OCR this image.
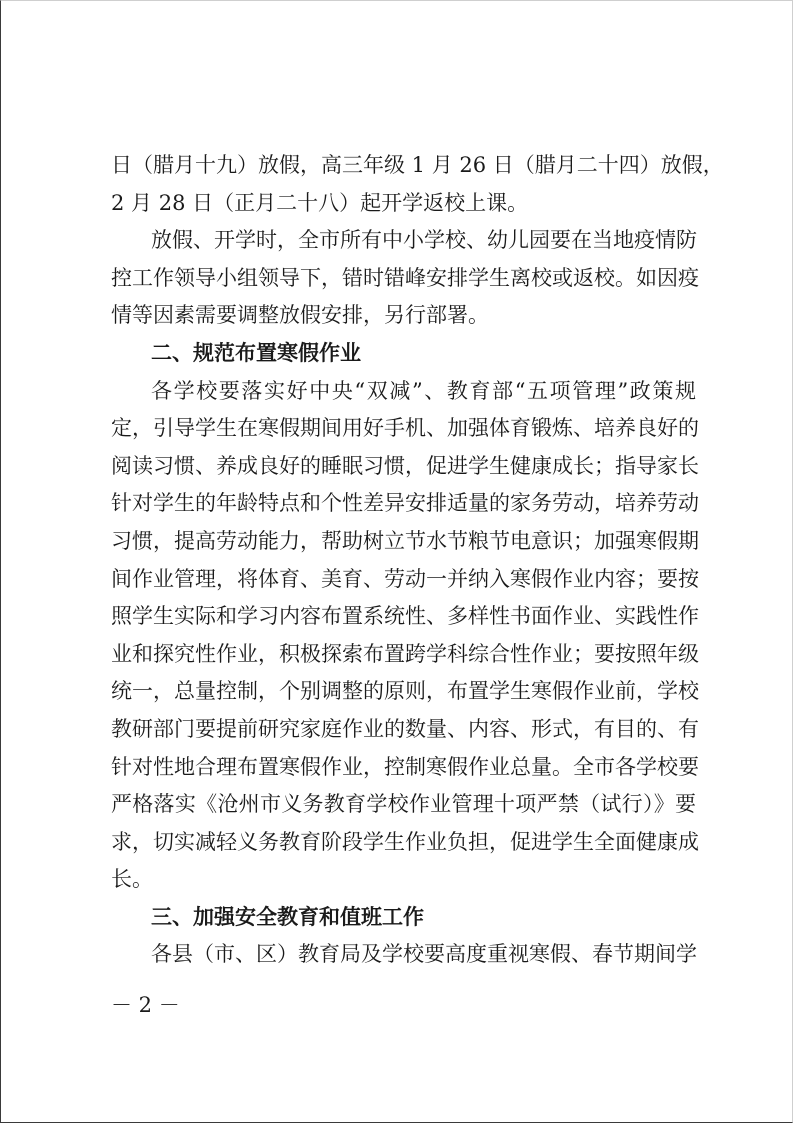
日（腊月十九）放假，高三年级 1 月 26 日（腊月二十四）放假，
2 月 28 日（正月二十八）起开学返校上课。
放假、开学时，全市所有中小学校、幼儿园要在当地疫情防
控工作领导小组领导下，错时错峰安排学生离校或返校。如因疫
情等因素需要调整放假安排，另行部署。
二、规范布置寒假作业
各学校要落实好中央“双减”、教育部“五项管理”政策规
定，引导学生在寒假期间用好手机、加强体育锻炼、培养良好的
阅读习惯、养成良好的睡眠习惯，促进学生健康成长；指导家长
针对学生的年龄特点和个性差异安排适量的家务劳动，培养劳动
习惯，提高劳动能力，帮助树立节水节粮节电意识；加强寒假期
间作业管理，将体育、美育、劳动一并纳入寒假作业内容；要按
照学生实际和学习内容布置系统性、多样性书面作业、实践性作
业和探究性作业，积极探索布置跨学科综合性作业；要按照年级
统一，总量控制，个别调整的原则，布置学生寒假作业前，学校
教研部门要提前研究家庭作业的数量、内容、形式，有目的、有
针对性地合理布置寒假作业，控制寒假作业总量。全市各学校要
严格落实《沧州市义务教育学校作业管理十项严禁（试行）》要
求，切实减轻义务教育阶段学生作业负担，促进学生全面健康成
长。
三、加强安全教育和值班工作
各县（市、区）教育局及学校要高度重视寒假、春节期间学
－ 2 －
